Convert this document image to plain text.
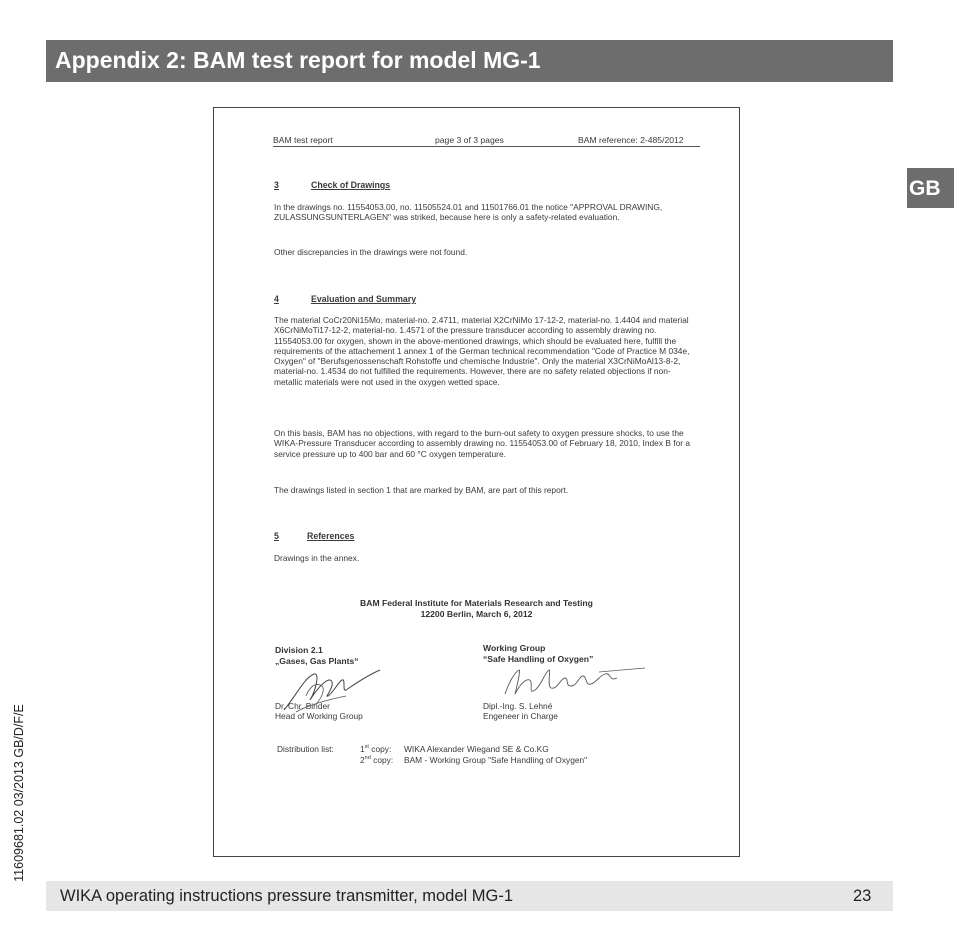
Appendix 2: BAM test report for model MG-1
GB
11609681.02 03/2013 GB/D/F/E
BAM test report	page 3 of 3 pages	BAM reference: 2-485/2012
3	Check of Drawings
In the drawings no. 11554053.00, no. 11505524.01 and 11501766.01 the notice "APPROVAL DRAWING, ZULASSUNGSUNTERLAGEN" was striked, because here is only a safety-related evaluation.
Other discrepancies in the drawings were not found.
4	Evaluation and Summary
The material CoCr20Ni15Mo, material-no. 2.4711, material X2CrNiMo 17-12-2, material-no. 1.4404 and material X6CrNiMoTi17-12-2, material-no. 1.4571 of the pressure transducer according to assembly drawing no. 11554053.00 for oxygen, shown in the above-mentioned drawings, which should be evaluated here, fulfill the requirements of the attachement 1 annex 1 of the German technical recommendation "Code of Practice M 034e, Oxygen" of "Berufsgenossenschaft Rohstoffe und chemische Industrie". Only the material X3CrNiMoAl13-8-2, material-no. 1.4534 do not fulfilled the requirements. However, there are no safety related objections if non-metallic materials were not used in the oxygen wetted space.
On this basis, BAM has no objections, with regard to the burn-out safety to oxygen pressure shocks, to use the WIKA-Pressure Transducer according to assembly drawing no. 11554053.00 of February 18, 2010, Index B for a service pressure up to 400 bar and 60 °C oxygen temperature.
The drawings listed in section 1 that are marked by BAM, are part of this report.
5	References
Drawings in the annex.
BAM Federal Institute for Materials Research and Testing
12200 Berlin, March 6, 2012
Division 2.1
„Gases, Gas Plants“
Dr. Chr. Binder
Head of Working Group
Working Group
“Safe Handling of Oxygen”
Dipl.-Ing. S. Lehné
Engeneer in Charge
Distribution list:	1st copy: WIKA Alexander Wiegand SE & Co.KG
2nd copy: BAM - Working Group "Safe Handling of Oxygen"
WIKA operating instructions pressure transmitter, model MG-1	23
